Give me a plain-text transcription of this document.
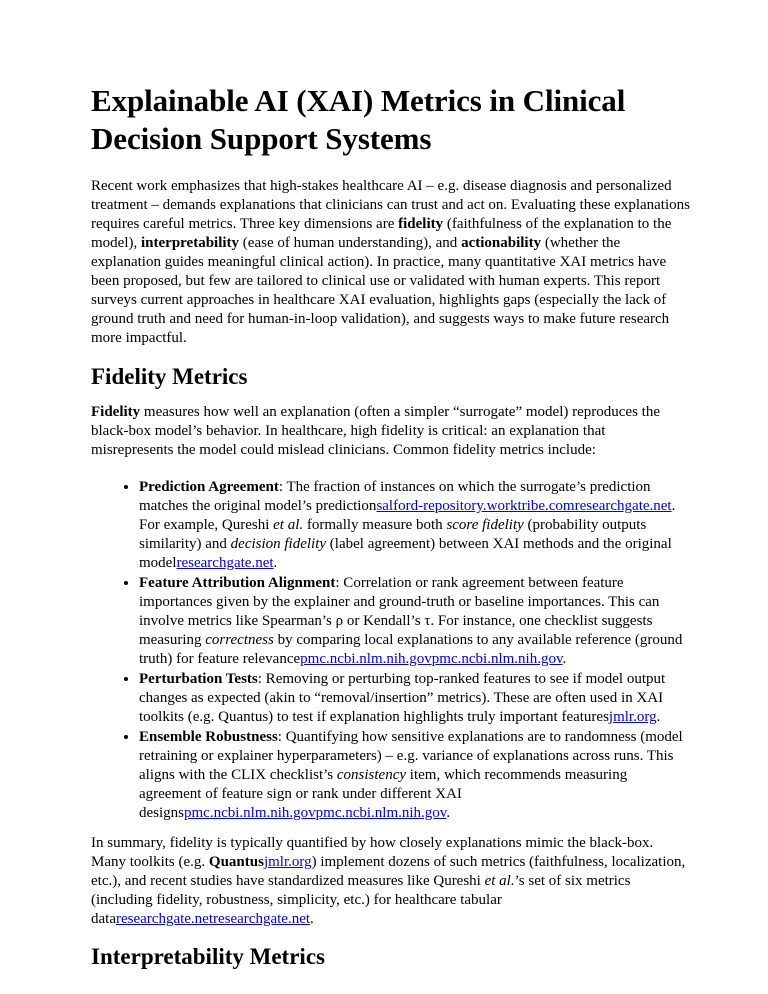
Explainable AI (XAI) Metrics in Clinical Decision Support Systems

Recent work emphasizes that high-stakes healthcare AI – e.g. disease diagnosis and personalized treatment – demands explanations that clinicians can trust and act on. Evaluating these explanations requires careful metrics. Three key dimensions are fidelity (faithfulness of the explanation to the model), interpretability (ease of human understanding), and actionability (whether the explanation guides meaningful clinical action). In practice, many quantitative XAI metrics have been proposed, but few are tailored to clinical use or validated with human experts. This report surveys current approaches in healthcare XAI evaluation, highlights gaps (especially the lack of ground truth and need for human-in-loop validation), and suggests ways to make future research more impactful.

Fidelity Metrics

Fidelity measures how well an explanation (often a simpler “surrogate” model) reproduces the black-box model’s behavior. In healthcare, high fidelity is critical: an explanation that misrepresents the model could mislead clinicians. Common fidelity metrics include:

• Prediction Agreement: The fraction of instances on which the surrogate’s prediction matches the original model’s predictionsalford-repository.worktribe.comresearchgate.net. For example, Qureshi et al. formally measure both score fidelity (probability outputs similarity) and decision fidelity (label agreement) between XAI methods and the original modelresearchgate.net.
• Feature Attribution Alignment: Correlation or rank agreement between feature importances given by the explainer and ground-truth or baseline importances. This can involve metrics like Spearman’s ρ or Kendall’s τ. For instance, one checklist suggests measuring correctness by comparing local explanations to any available reference (ground truth) for feature relevancepmc.ncbi.nlm.nih.govpmc.ncbi.nlm.nih.gov.
• Perturbation Tests: Removing or perturbing top-ranked features to see if model output changes as expected (akin to “removal/insertion” metrics). These are often used in XAI toolkits (e.g. Quantus) to test if explanation highlights truly important featuresjmlr.org.
• Ensemble Robustness: Quantifying how sensitive explanations are to randomness (model retraining or explainer hyperparameters) – e.g. variance of explanations across runs. This aligns with the CLIX checklist’s consistency item, which recommends measuring agreement of feature sign or rank under different XAI designspmc.ncbi.nlm.nih.govpmc.ncbi.nlm.nih.gov.

In summary, fidelity is typically quantified by how closely explanations mimic the black-box. Many toolkits (e.g. Quantusjmlr.org) implement dozens of such metrics (faithfulness, localization, etc.), and recent studies have standardized measures like Qureshi et al.’s set of six metrics (including fidelity, robustness, simplicity, etc.) for healthcare tabular dataresearchgate.netresearchgate.net.

Interpretability Metrics
